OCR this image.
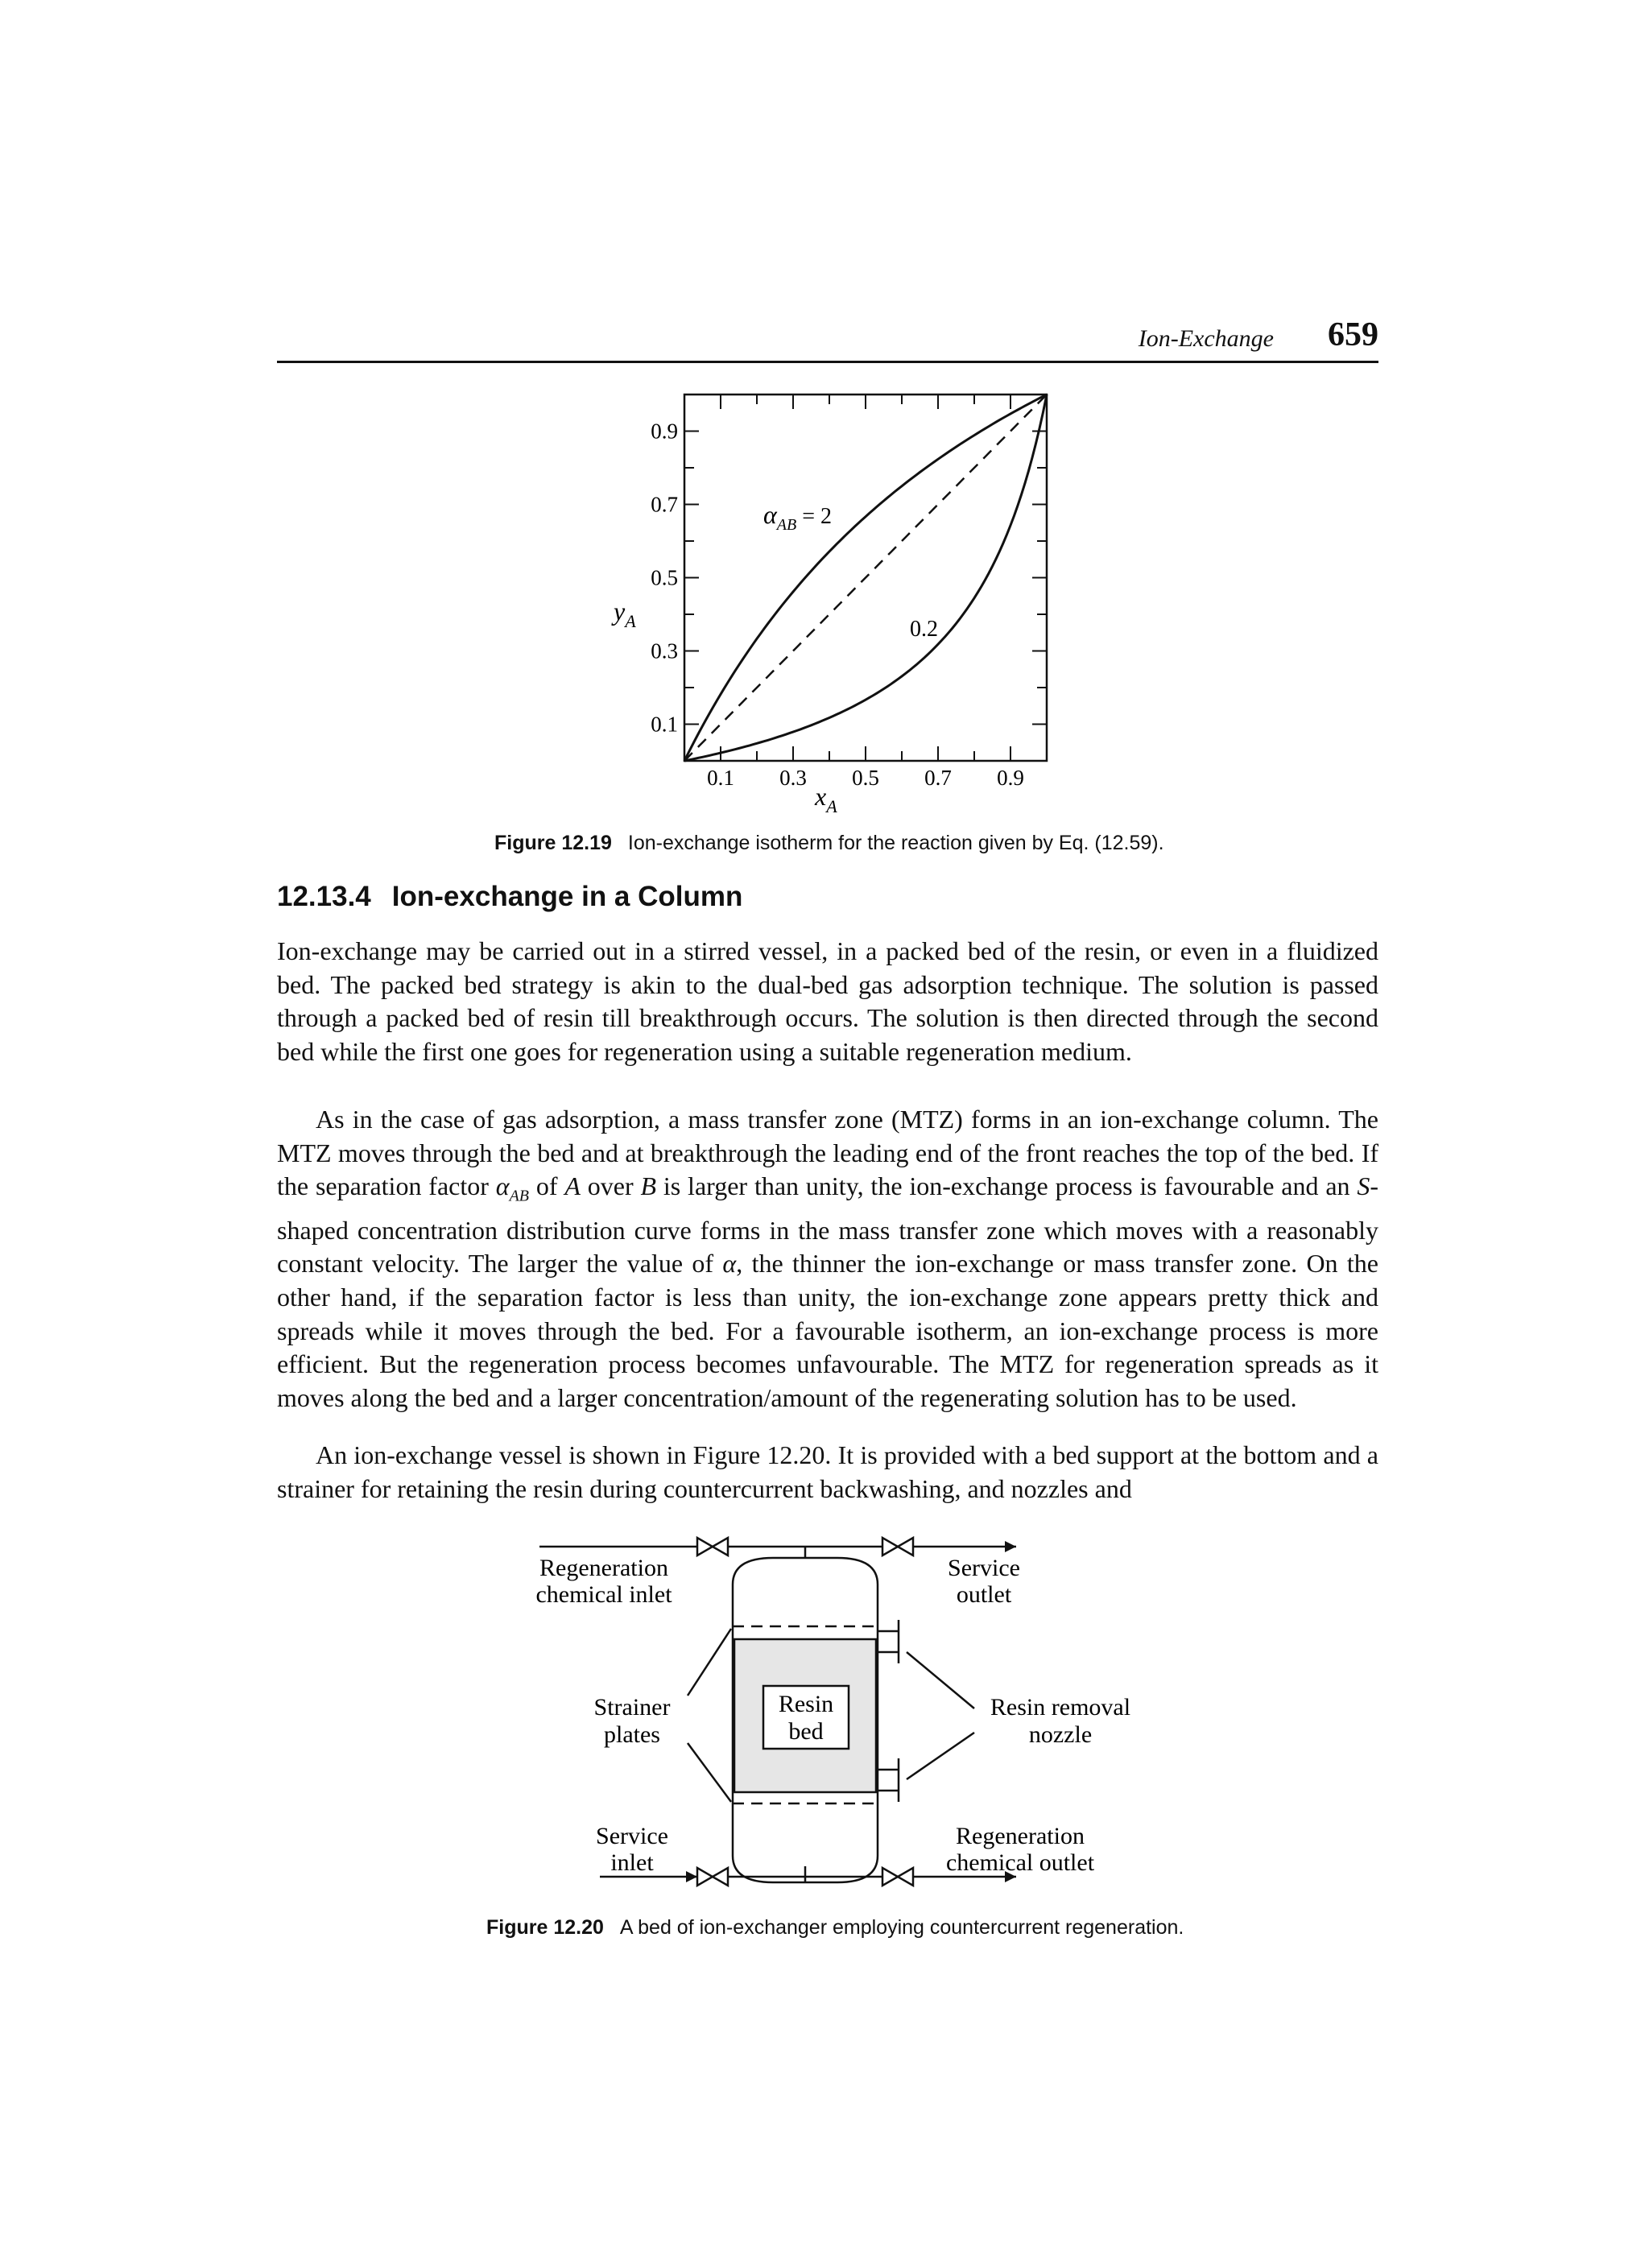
Ion-Exchange 659
0.1 0.3 0.5 0.7 0.9
0.9
0.7
0.5
0.3
0.1
$y_A$
$x_A$
$\alpha_{AB} = 2$
0.2
Figure 12.19 Ion-exchange isotherm for the reaction given by Eq. (12.59).
12.13.4 Ion-exchange in a Column

Ion-exchange may be carried out in a stirred vessel, in a packed bed of the resin, or even in a fluidized bed. The packed bed strategy is akin to the dual-bed gas adsorption technique. The solution is passed through a packed bed of resin till breakthrough occurs. The solution is then directed through the second bed while the first one goes for regeneration using a suitable regeneration medium.

As in the case of gas adsorption, a mass transfer zone (MTZ) forms in an ion-exchange column. The MTZ moves through the bed and at breakthrough the leading end of the front reaches the top of the bed. If the separation factor $\alpha_{AB}$ of A over B is larger than unity, the ion-exchange process is favourable and an S-shaped concentration distribution curve forms in the mass transfer zone which moves with a reasonably constant velocity. The larger the value of α, the thinner the ion-exchange or mass transfer zone. On the other hand, if the separation factor is less than unity, the ion-exchange zone appears pretty thick and spreads while it moves through the bed. For a favourable isotherm, an ion-exchange process is more efficient. But the regeneration process becomes unfavourable. The MTZ for regeneration spreads as it moves along the bed and a larger concentration/amount of the regenerating solution has to be used.

An ion-exchange vessel is shown in Figure 12.20. It is provided with a bed support at the bottom and a strainer for retaining the resin during countercurrent backwashing, and nozzles and

Resin
bed
Regeneration
chemical inlet
Service
outlet
Strainer
plates
Resin removal
nozzle
Service
inlet
Regeneration
chemical outlet
Figure 12.20 A bed of ion-exchanger employing countercurrent regeneration.
